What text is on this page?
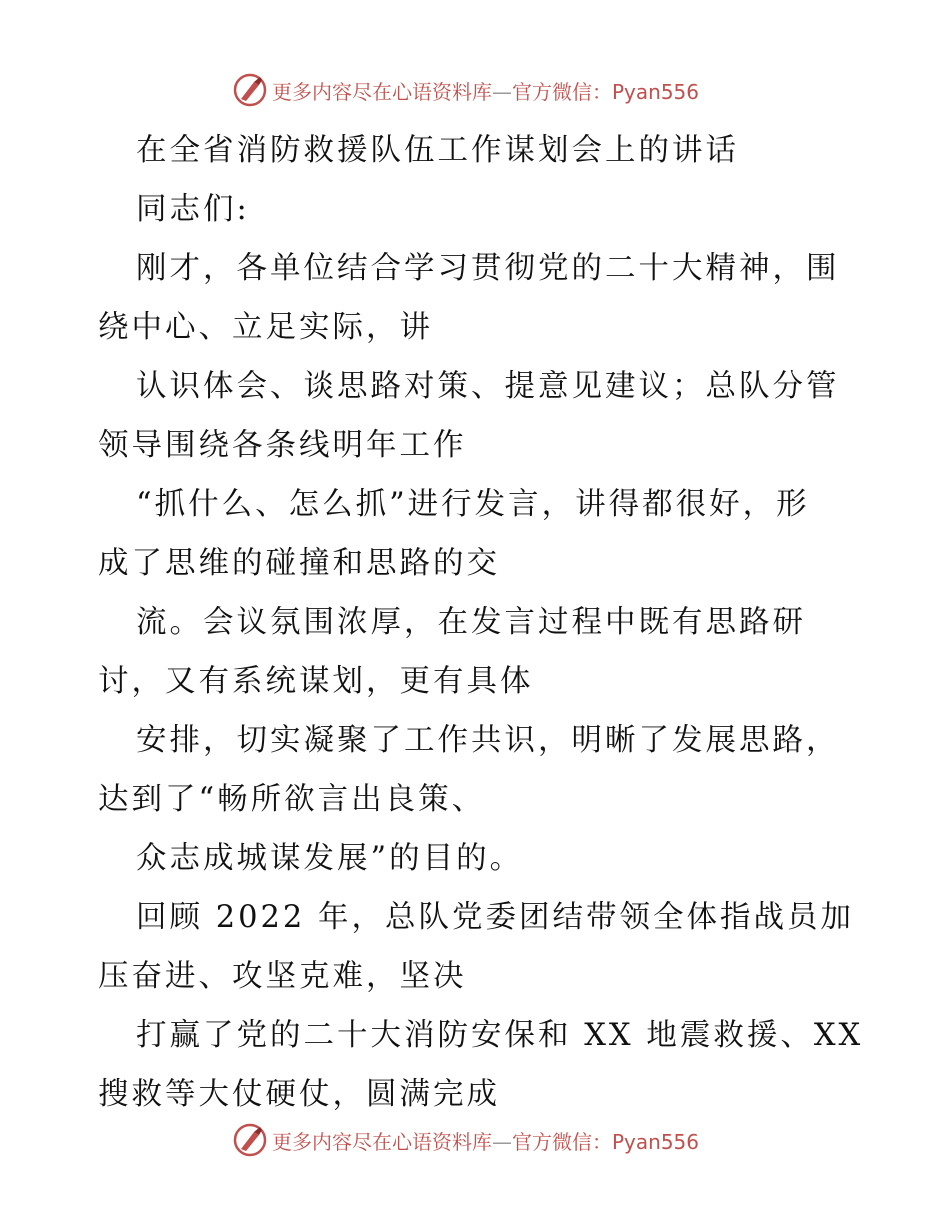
更多内容尽在心语资料库—官方微信：Pyan556
在全省消防救援队伍工作谋划会上的讲话
同志们:
刚才，各单位结合学习贯彻党的二十大精神，围
绕中心、立足实际，讲
认识体会、谈思路对策、提意见建议；总队分管
领导围绕各条线明年工作
“抓什么、怎么抓”进行发言，讲得都很好，形
成了思维的碰撞和思路的交
流。会议氛围浓厚，在发言过程中既有思路研
讨，又有系统谋划，更有具体
安排，切实凝聚了工作共识，明晰了发展思路，
达到了“畅所欲言出良策、
众志成城谋发展”的目的。
回顾 2022 年，总队党委团结带领全体指战员加
压奋进、攻坚克难，坚决
打赢了党的二十大消防安保和 XX 地震救援、XX
搜救等大仗硬仗，圆满完成
更多内容尽在心语资料库—官方微信：Pyan556
